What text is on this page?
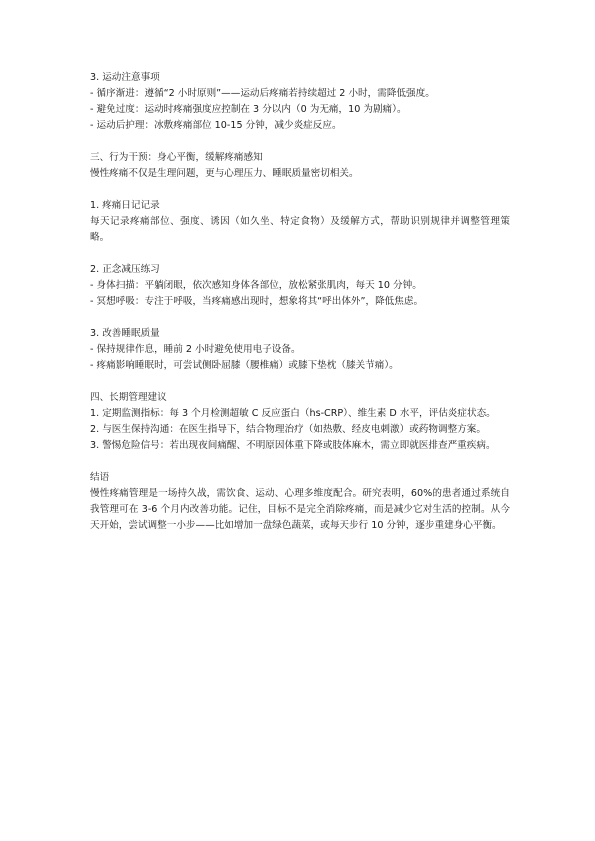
3. 运动注意事项
- 循序渐进：遵循“2 小时原则”——运动后疼痛若持续超过 2 小时，需降低强度。
- 避免过度：运动时疼痛强度应控制在 3 分以内（0 为无痛，10 为剧痛）。
- 运动后护理：冰敷疼痛部位 10-15 分钟，减少炎症反应。
三、行为干预：身心平衡，缓解疼痛感知
慢性疼痛不仅是生理问题，更与心理压力、睡眠质量密切相关。
1. 疼痛日记记录
每天记录疼痛部位、强度、诱因（如久坐、特定食物）及缓解方式，帮助识别规律并调整管理策略。
2. 正念减压练习
- 身体扫描：平躺闭眼，依次感知身体各部位，放松紧张肌肉，每天 10 分钟。
- 冥想呼吸：专注于呼吸，当疼痛感出现时，想象将其“呼出体外”，降低焦虑。
3. 改善睡眠质量
- 保持规律作息，睡前 2 小时避免使用电子设备。
- 疼痛影响睡眠时，可尝试侧卧屈膝（腰椎痛）或膝下垫枕（膝关节痛）。
四、长期管理建议
1. 定期监测指标：每 3 个月检测超敏 C 反应蛋白（hs-CRP）、维生素 D 水平，评估炎症状态。
2. 与医生保持沟通：在医生指导下，结合物理治疗（如热敷、经皮电刺激）或药物调整方案。
3. 警惕危险信号：若出现夜间痛醒、不明原因体重下降或肢体麻木，需立即就医排查严重疾病。
结语
慢性疼痛管理是一场持久战，需饮食、运动、心理多维度配合。研究表明，60%的患者通过系统自我管理可在 3-6 个月内改善功能。记住，目标不是完全消除疼痛，而是减少它对生活的控制。从今天开始，尝试调整一小步——比如增加一盘绿色蔬菜，或每天步行 10 分钟，逐步重建身心平衡。
